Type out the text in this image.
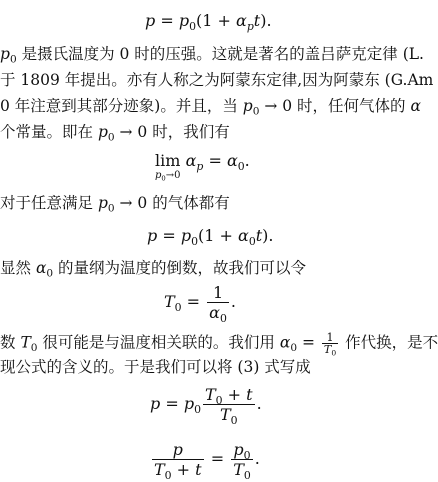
$p = p_0(1 + \alpha_pt)$.
$p_0$ 是摄氏温度为 0 时的压强。这就是著名的盖吕萨克定律 (L.
于 1809 年提出。亦有人称之为阿蒙东定律,因为阿蒙东 (G.Am
0 年注意到其部分迹象)。并且，当 $p_0 \to 0$ 时，任何气体的 α
个常量。即在 $p_0 \to 0$ 时，我们有
lim
$p_0\to 0$
$\alpha_p = \alpha_0$.
对于任意满足 $p_0 \to 0$ 的气体都有
$p = p_0(1 + \alpha_0t)$.
显然 $\alpha_0$ 的量纲为温度的倒数，故我们可以令
$T_0 = \frac{1}{\alpha_0}$ .
数 $T_0$ 很可能是与温度相关联的。我们用 $\alpha_0 = \frac{1}{T_0}$ 作代换，是不
现公式的含义的。于是我们可以将 (3) 式写成
$p = p_0 \frac{T_0 + t}{T_0}$ .
$\frac{p}{T_0 + t} = \frac{p_0}{T_0}$ .
